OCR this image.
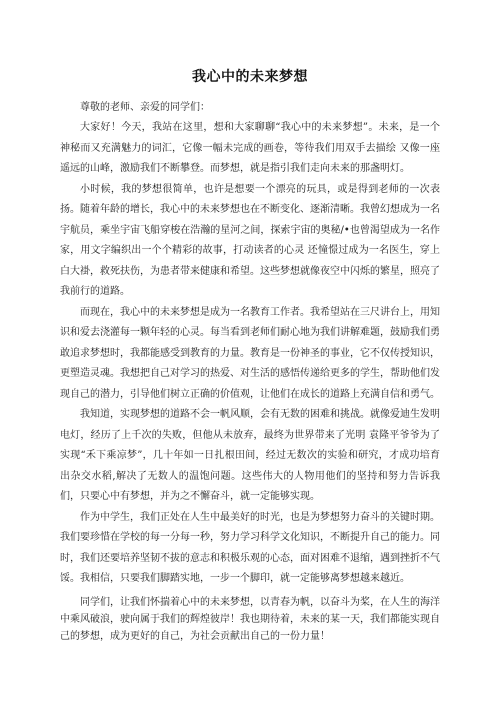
我心中的未来梦想

尊敬的老师、亲爱的同学们：

大家好！今天，我站在这里，想和大家聊聊“我心中的未来梦想”。未来，是一个神秘而又充满魅力的词汇，它像一幅未完成的画卷，等待我们用双手去描绘 又像一座遥远的山峰，激励我们不断攀登。而梦想，就是指引我们走向未来的那盏明灯。

小时候，我的梦想很简单，也许是想要一个漂亮的玩具，或是得到老师的一次表扬。随着年龄的增长，我心中的未来梦想也在不断变化、逐渐清晰。我曾幻想成为一名宇航员，乘坐宇宙飞船穿梭在浩瀚的星河之间，探索宇宙的奥秘/•也曾渴望成为一名作家，用文字编织出一个个精彩的故事，打动读者的心灵 还憧憬过成为一名医生，穿上白大褂，救死扶伤，为患者带来健康和希望。这些梦想就像夜空中闪烁的繁星，照亮了我前行的道路。

而现在，我心中的未来梦想是成为一名教育工作者。我希望站在三尺讲台上，用知识和爱去浇灌每一颗年轻的心灵。每当看到老师们耐心地为我们讲解难题，鼓励我们勇敢追求梦想时，我都能感受到教育的力量。教育是一份神圣的事业，它不仅传授知识，更塑造灵魂。我想把自己对学习的热爱、对生活的感悟传递给更多的学生，帮助他们发现自己的潜力，引导他们树立正确的价值观，让他们在成长的道路上充满自信和勇气。

我知道，实现梦想的道路不会一帆风顺，会有无数的困难和挑战。就像爱迪生发明电灯，经历了上千次的失败，但他从未放弃，最终为世界带来了光明 袁隆平爷爷为了实现“禾下乘凉梦”，几十年如一日扎根田间，经过无数次的实验和研究，才成功培育出杂交水稻,解决了无数人的温饱问题。这些伟大的人物用他们的坚持和努力告诉我们，只要心中有梦想，并为之不懈奋斗，就一定能够实现。

作为中学生，我们正处在人生中最美好的时光，也是为梦想努力奋斗的关键时期。我们要珍惜在学校的每一分每一秒，努力学习科学文化知识，不断提升自己的能力。同时，我们还要培养坚韧不拔的意志和积极乐观的心态，面对困难不退缩，遇到挫折不气馁。我相信，只要我们脚踏实地，一步一个脚印，就一定能够离梦想越来越近。

同学们，让我们怀揣着心中的未来梦想，以青春为帆，以奋斗为桨，在人生的海洋中乘风破浪，驶向属于我们的辉煌彼岸！我也期待着，未来的某一天，我们都能实现自己的梦想，成为更好的自己，为社会贡献出自己的一份力量！
